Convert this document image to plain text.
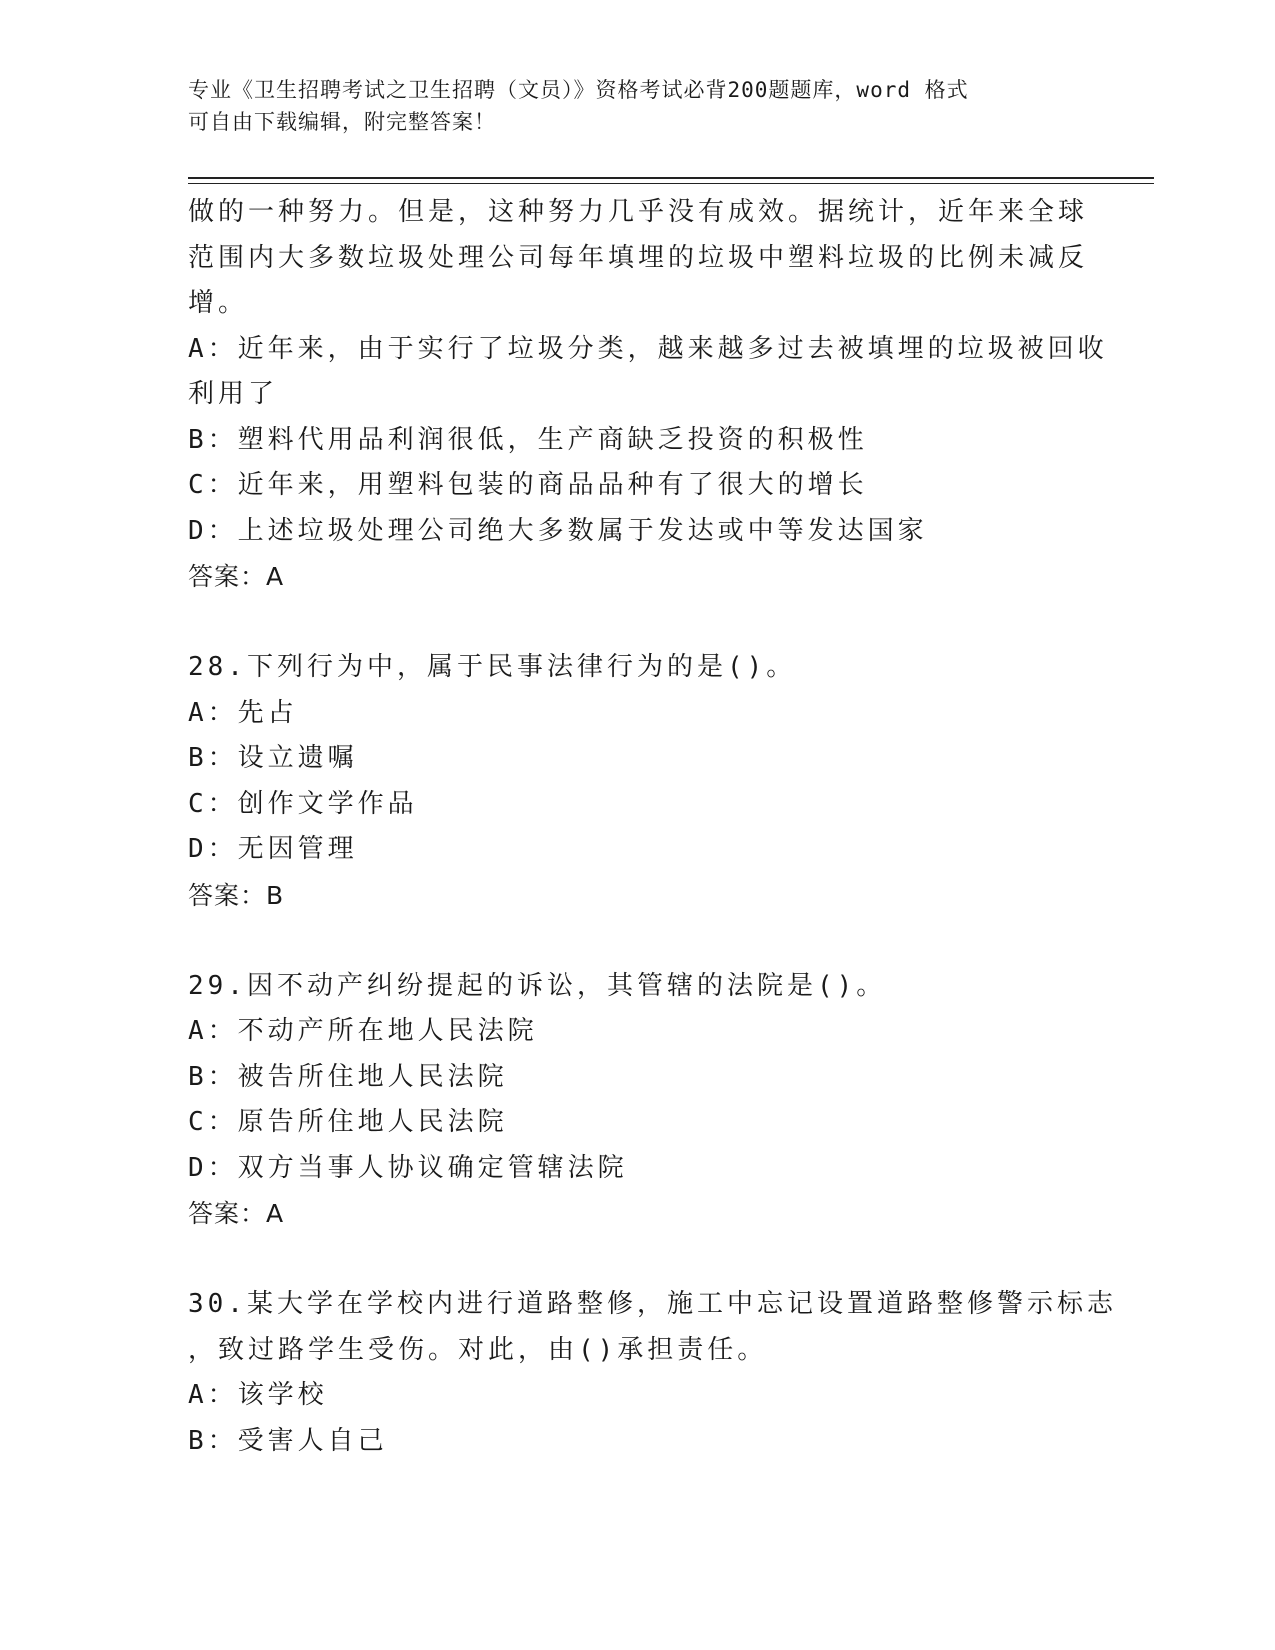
专业《卫生招聘考试之卫生招聘（文员）》资格考试必背200题题库，word 格式
可自由下载编辑，附完整答案！
做的一种努力。但是，这种努力几乎没有成效。据统计，近年来全球
范围内大多数垃圾处理公司每年填埋的垃圾中塑料垃圾的比例未减反
增。
A：近年来，由于实行了垃圾分类，越来越多过去被填埋的垃圾被回收
利用了
B：塑料代用品利润很低，生产商缺乏投资的积极性
C：近年来，用塑料包装的商品品种有了很大的增长
D：上述垃圾处理公司绝大多数属于发达或中等发达国家
答案：A
28.下列行为中，属于民事法律行为的是()。
A：先占
B：设立遗嘱
C：创作文学作品
D：无因管理
答案：B
29.因不动产纠纷提起的诉讼，其管辖的法院是()。
A：不动产所在地人民法院
B：被告所住地人民法院
C：原告所住地人民法院
D：双方当事人协议确定管辖法院
答案：A
30.某大学在学校内进行道路整修，施工中忘记设置道路整修警示标志
，致过路学生受伤。对此，由()承担责任。
A：该学校
B：受害人自己
